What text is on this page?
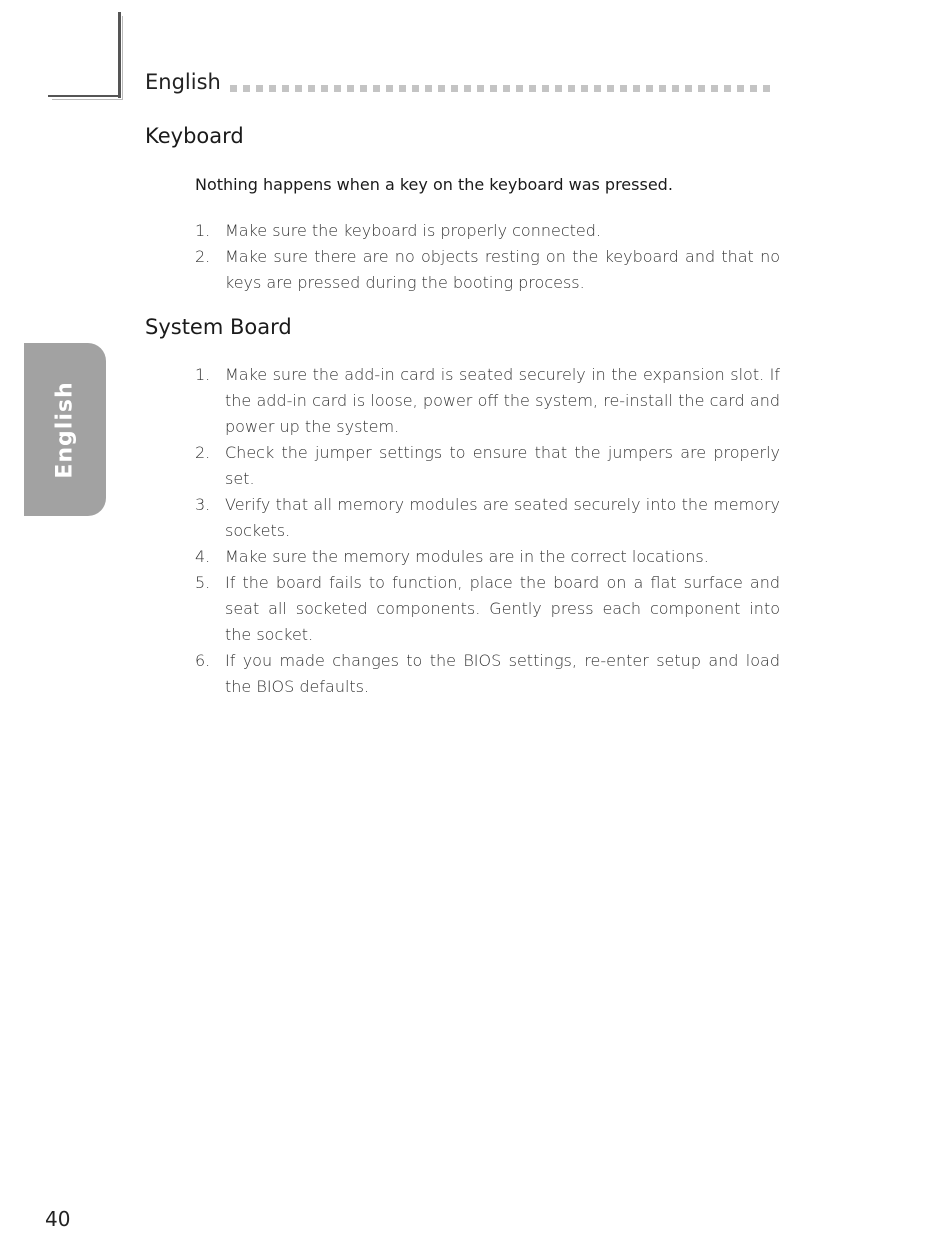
English
English
Keyboard
Nothing happens when a key on the keyboard was pressed.
1. Make sure the keyboard is properly connected.
2. Make sure there are no objects resting on the keyboard and that no keys are pressed during the booting process.
System Board
1. Make sure the add-in card is seated securely in the expansion slot. If the add-in card is loose, power off the system, re-install the card and power up the system.
2. Check the jumper settings to ensure that the jumpers are properly set.
3. Verify that all memory modules are seated securely into the memory sockets.
4. Make sure the memory modules are in the correct locations.
5. If the board fails to function, place the board on a flat surface and seat all socketed components. Gently press each component into the socket.
6. If you made changes to the BIOS settings, re-enter setup and load the BIOS defaults.
40
